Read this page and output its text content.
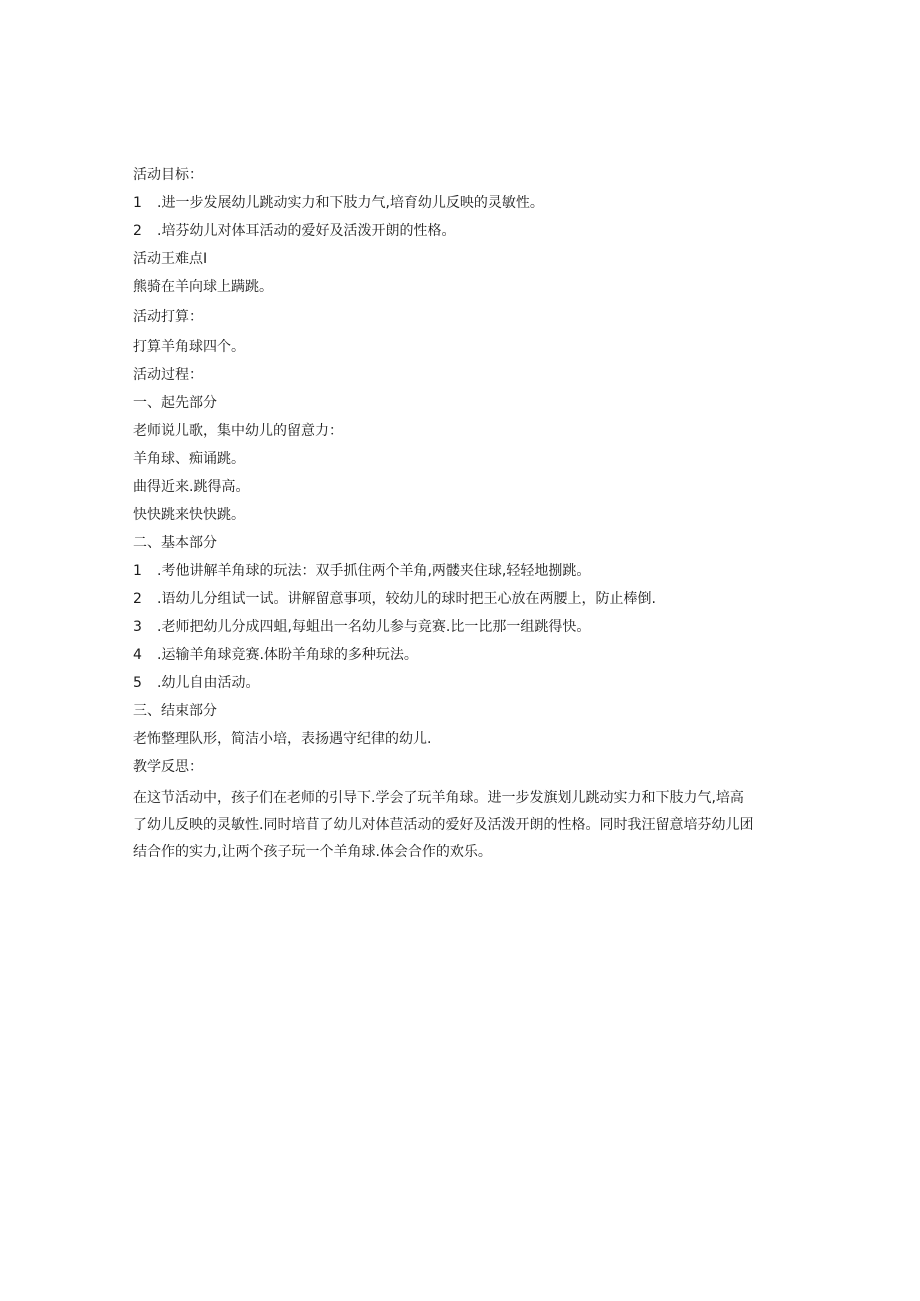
活动目标：
1	.进一步发展幼儿跳动实力和下肢力气,培育幼儿反映的灵敏性。
2	.培芬幼儿对体耳活动的爱好及活泼开朗的性格。
活动王难点I
熊骑在羊向球上蹒跳。
活动打算：
打算羊角球四个。
活动过程：
一、起先部分
老师说儿歌，集中幼儿的留意力：
羊角球、痴诵跳。
曲得近来.跳得高。
快快跳来快快跳。
二、基本部分
1	.考他讲解羊角球的玩法：双手抓住两个羊角,两髅夹住球,轻轻地捌跳。
2	.语幼儿分组试一试。讲解留意事项，较幼儿的球时把王心放在两腰上，防止棒倒.
3	.老师把幼儿分成四蛆,每蛆出一名幼儿参与竞赛.比一比那一组跳得快。
4	.运输羊角球竞赛.体盼羊角球的多种玩法。
5	.幼儿自由活动。
三、结束部分
老怖整理队形，简洁小培，表扬遇守纪律的幼儿.
教学反思：
在这节活动中，孩子们在老师的引导下.学会了玩羊角球。进一步发旗划儿跳动实力和下肢力气,培高
了幼儿反映的灵敏性.同时培苜了幼儿对体苣活动的爱好及活泼开朗的性格。同时我汪留意培芬幼儿团
结合作的实力,让两个孩子玩一个羊角球.体会合作的欢乐。
